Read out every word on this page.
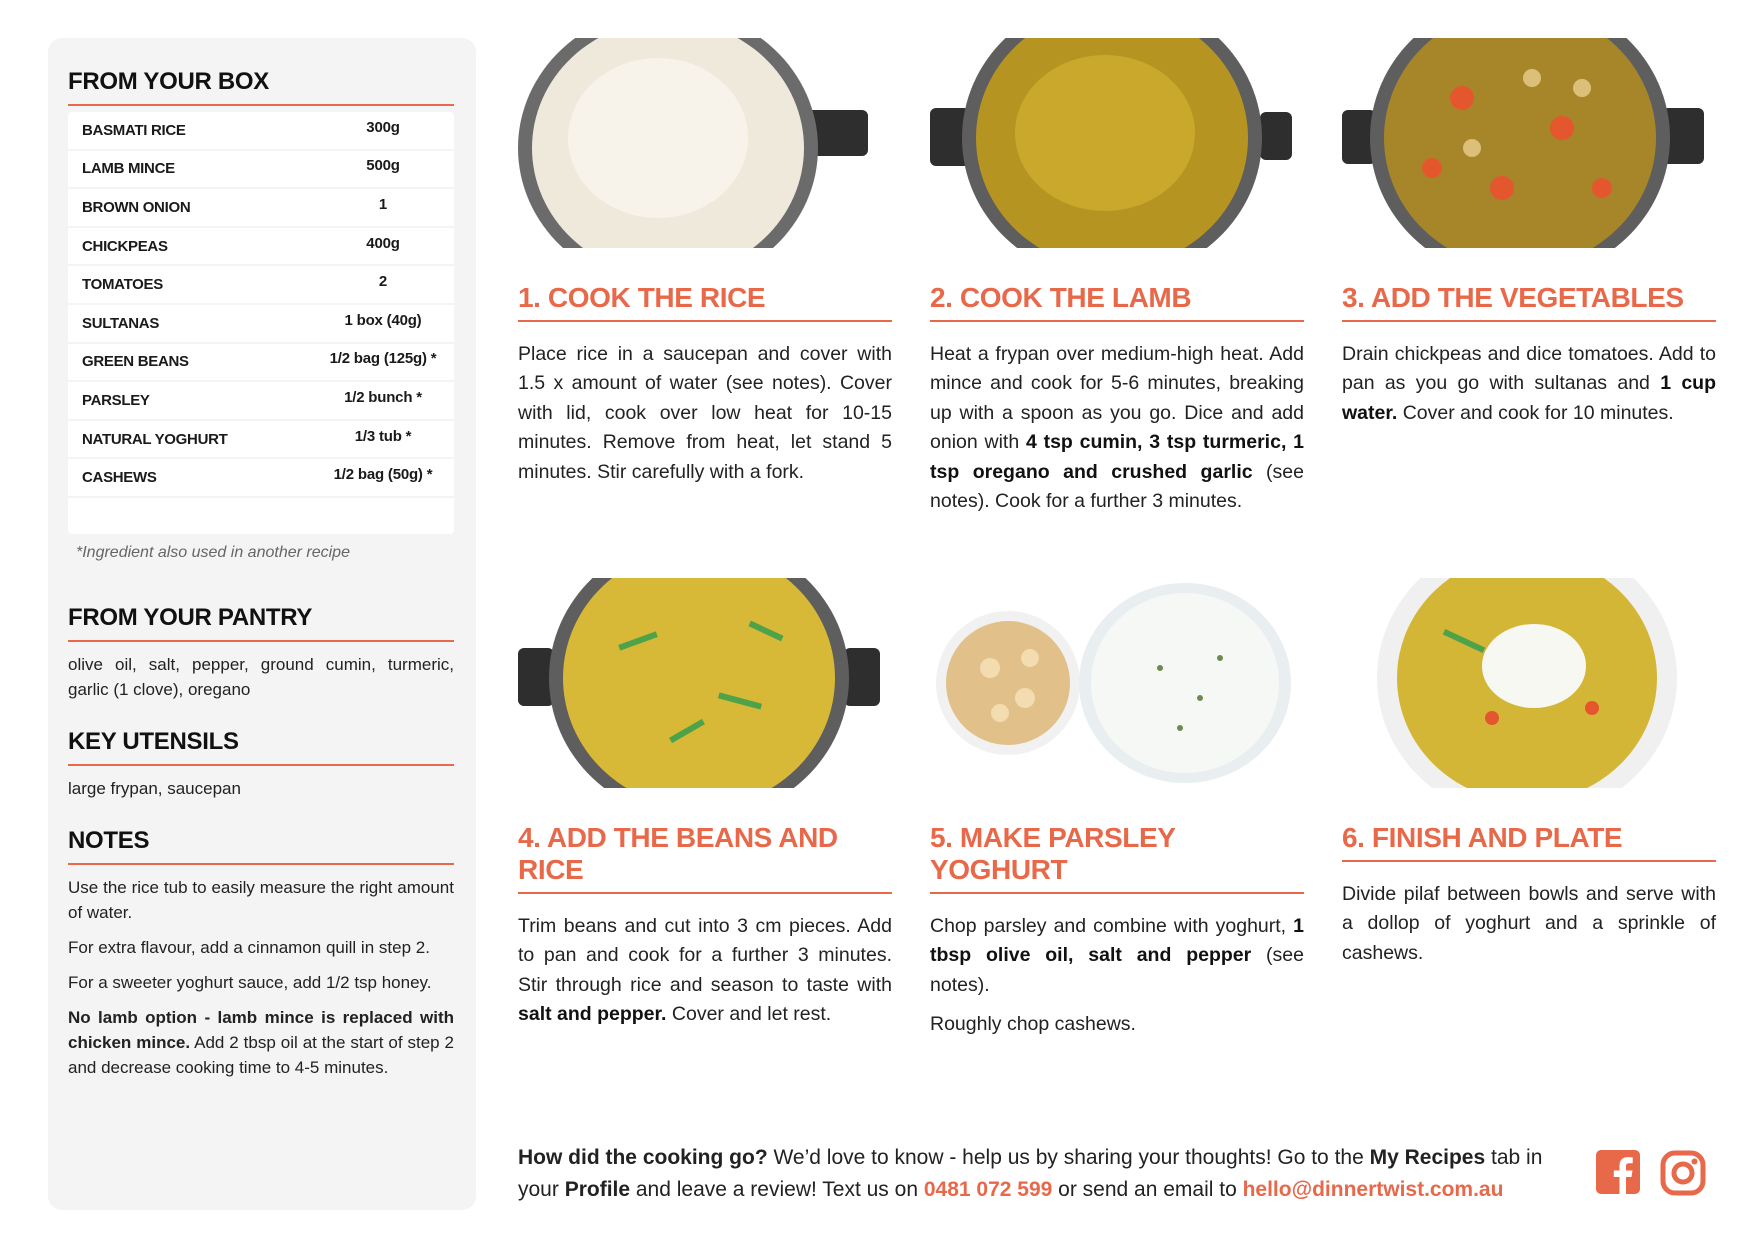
FROM YOUR BOX
BASMATI RICE	300g
LAMB MINCE	500g
BROWN ONION	1
CHICKPEAS	400g
TOMATOES	2
SULTANAS	1 box (40g)
GREEN BEANS	1/2 bag (125g) *
PARSLEY	1/2 bunch *
NATURAL YOGHURT	1/3 tub *
CASHEWS	1/2 bag (50g) *
*Ingredient also used in another recipe
FROM YOUR PANTRY
olive oil, salt, pepper, ground cumin, turmeric, garlic (1 clove), oregano
KEY UTENSILS
large frypan, saucepan
NOTES

Use the rice tub to easily measure the right amount of water.

For extra flavour, add a cinnamon quill in step 2.

For a sweeter yoghurt sauce, add 1/2 tsp honey.

No lamb option - lamb mince is replaced with chicken mince. Add 2 tbsp oil at the start of step 2 and decrease cooking time to 4-5 minutes.

1. COOK THE RICE

Place rice in a saucepan and cover with 1.5 x amount of water (see notes). Cover with lid, cook over low heat for 10-15 minutes. Remove from heat, let stand 5 minutes. Stir carefully with a fork.

2. COOK THE LAMB

Heat a frypan over medium-high heat. Add mince and cook for 5-6 minutes, breaking up with a spoon as you go. Dice and add onion with 4 tsp cumin, 3 tsp turmeric, 1 tsp oregano and crushed garlic (see notes). Cook for a further 3 minutes.

3. ADD THE VEGETABLES

Drain chickpeas and dice tomatoes. Add to pan as you go with sultanas and 1 cup water. Cover and cook for 10 minutes.

4. ADD THE BEANS AND RICE

Trim beans and cut into 3 cm pieces. Add to pan and cook for a further 3 minutes. Stir through rice and season to taste with salt and pepper. Cover and let rest.

5. MAKE PARSLEY YOGHURT

Chop parsley and combine with yoghurt, 1 tbsp olive oil, salt and pepper (see notes).

Roughly chop cashews.

6. FINISH AND PLATE

Divide pilaf between bowls and serve with a dollop of yoghurt and a sprinkle of cashews.

How did the cooking go? We’d love to know - help us by sharing your thoughts! Go to the My Recipes tab in your Profile and leave a review! Text us on 0481 072 599 or send an email to hello@dinnertwist.com.au
